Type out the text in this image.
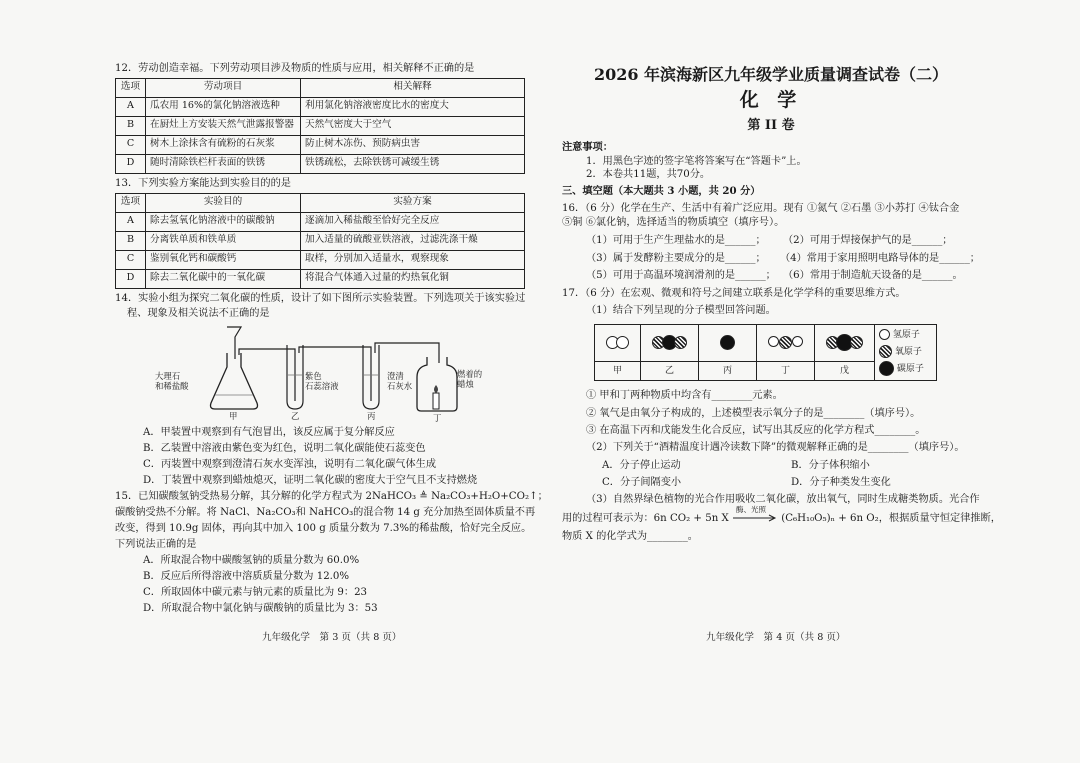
12．劳动创造幸福。下列劳动项目涉及物质的性质与应用，相关解释不正确的是
选项	劳动项目	相关解释
A	瓜农用 16%的氯化钠溶液选种	利用氯化钠溶液密度比水的密度大
B	在厨灶上方安装天然气泄露报警器	天然气密度大于空气
C	树木上涂抹含有硫粉的石灰浆	防止树木冻伤、预防病虫害
D	随时清除铁栏杆表面的铁锈	铁锈疏松，去除铁锈可减缓生锈
13．下列实验方案能达到实验目的的是
选项	实验目的	实验方案
A	除去氢氧化钠溶液中的碳酸钠	逐滴加入稀盐酸至恰好完全反应
B	分离铁单质和铁单质	加入适量的硫酸亚铁溶液，过滤洗涤干燥
C	鉴别氧化钙和碳酸钙	取样，分别加入适量水，观察现象
D	除去二氧化碳中的一氧化碳	将混合气体通入过量的灼热氧化铜
14．实验小组为探究二氧化碳的性质，设计了如下图所示实验装置。下列选项关于该实验过
程、现象及相关说法不正确的是
大理石
和稀盐酸
紫色
石蕊溶液
澄清
石灰水
燃着的
蜡烛
甲	乙	丙	丁
A．甲装置中观察到有气泡冒出，该反应属于复分解反应
B．乙装置中溶液由紫色变为红色，说明二氧化碳能使石蕊变色
C．丙装置中观察到澄清石灰水变浑浊，说明有二氧化碳气体生成
D．丁装置中观察到蜡烛熄灭，证明二氧化碳的密度大于空气且不支持燃烧
15．已知碳酸氢钠受热易分解，其分解的化学方程式为 2NaHCO₃ ≜ Na₂CO₃+H₂O+CO₂↑；
碳酸钠受热不分解。将 NaCl、Na₂CO₃和 NaHCO₃的混合物 14 g 充分加热至固体质量不再
改变，得到 10.9g 固体，再向其中加入 100 g 质量分数为 7.3%的稀盐酸，恰好完全反应。
下列说法正确的是
A．所取混合物中碳酸氢钠的质量分数为 60.0%
B．反应后所得溶液中溶质质量分数为 12.0%
C．所取固体中碳元素与钠元素的质量比为 9：23
D．所取混合物中氯化钠与碳酸钠的质量比为 3：53
九年级化学　第 3 页（共 8 页）
2026 年滨海新区九年级学业质量调查试卷（二）
化 学
第 II 卷
注意事项：
1．用黑色字迹的签字笔将答案写在“答题卡”上。
2．本卷共11题，共70分。
三、填空题（本大题共 3 小题，共 20 分）
16．（6 分）化学在生产、生活中有着广泛应用。现有 ①氮气 ②石墨 ③小苏打 ④钛合金
⑤铜 ⑥氯化钠，选择适当的物质填空（填序号）。
（1）可用于生产生理盐水的是______；	（2）可用于焊接保护气的是______；
（3）属于发酵粉主要成分的是______；	（4）常用于家用照明电路导体的是______；
（5）可用于高温环境润滑剂的是______； （6）常用于制造航天设备的是______。
17．（6 分）在宏观、微观和符号之间建立联系是化学学科的重要思维方式。
（1）结合下列呈现的分子模型回答问题。

					氢原子
氧原子
碳原子

甲	乙	丙	丁	戊	
① 甲和丁两种物质中均含有________元素。
② 氧气是由氧分子构成的，上述模型表示氧分子的是________（填序号）。
③ 在高温下丙和戊能发生化合反应，试写出其反应的化学方程式________。
（2）下列关于“酒精温度计遇冷读数下降”的微观解释正确的是________（填序号）。
A．分子停止运动	B．分子体积缩小
C．分子间隔变小	D．分子种类发生变化
（3）自然界绿色植物的光合作用吸收二氧化碳，放出氧气，同时生成糖类物质。光合作
用的过程可表示为：6n CO₂ + 5n X
酶、光照
(C₆H₁₀O₅)ₙ + 6n O₂，根据质量守恒定律推断，
物质 X 的化学式为________。
九年级化学　第 4 页（共 8 页）
